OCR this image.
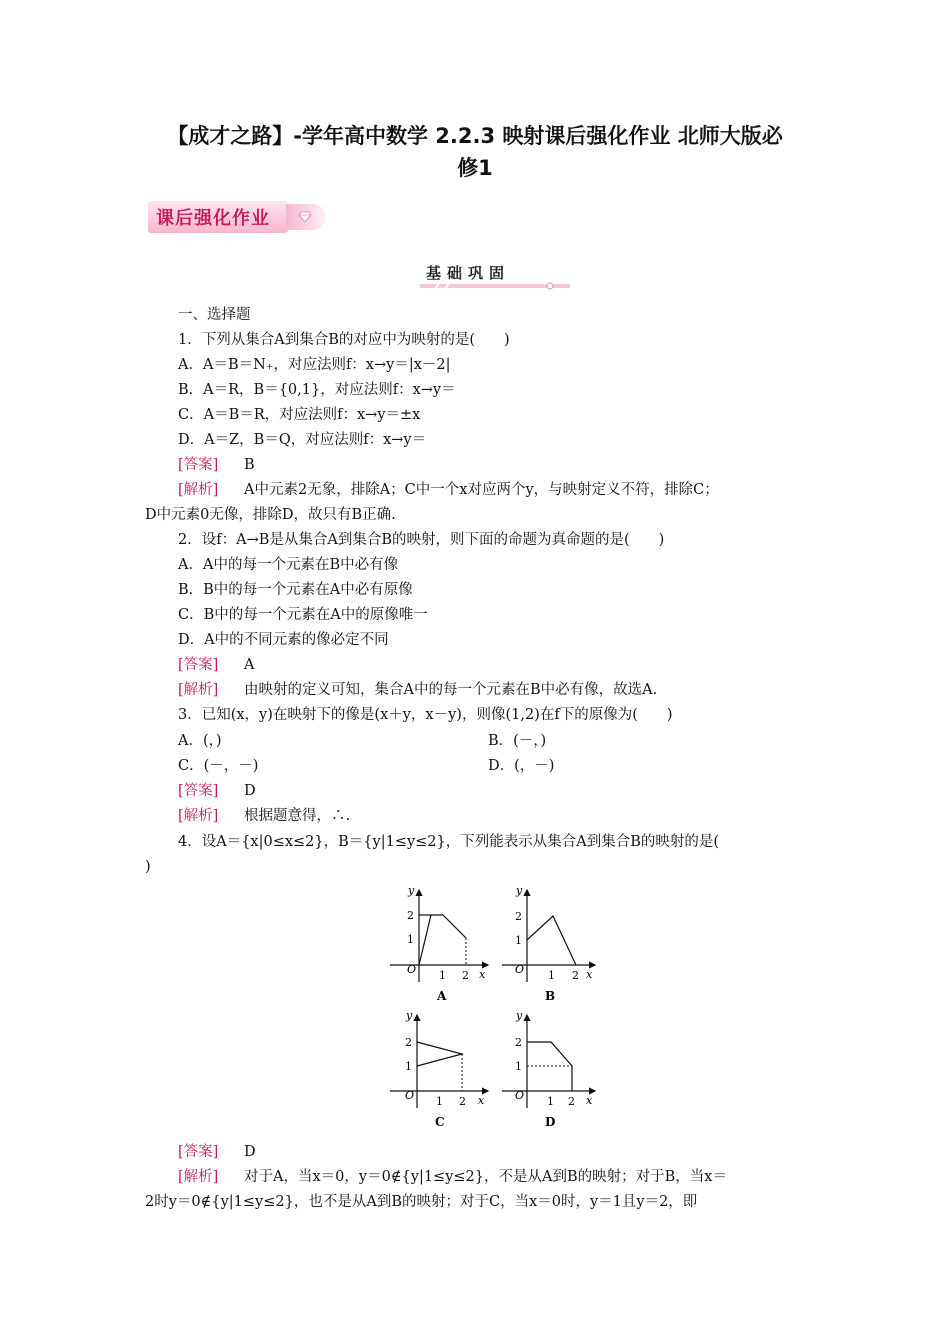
【成才之路】-学年高中数学 2.2.3 映射课后强化作业 北师大版必
修1
课后强化作业
基础巩固
一、选择题
1．下列从集合A到集合B的对应中为映射的是(　　)
A．A＝B＝N₊，对应法则f：x→y＝|x－2|
B．A＝R，B＝{0,1}，对应法则f：x→y＝
C．A＝B＝R，对应法则f：x→y＝±x
D．A＝Z，B＝Q，对应法则f：x→y＝
[答案] B
[解析] A中元素2无象，排除A；C中一个x对应两个y，与映射定义不符，排除C；
D中元素0无像，排除D，故只有B正确.
2．设f：A→B是从集合A到集合B的映射，则下面的命题为真命题的是(　　)
A．A中的每一个元素在B中必有像
B．B中的每一个元素在A中必有原像
C．B中的每一个元素在A中的原像唯一
D．A中的不同元素的像必定不同
[答案] A
[解析] 由映射的定义可知，集合A中的每一个元素在B中必有像，故选A.
3．已知(x，y)在映射下的像是(x＋y，x－y)，则像(1,2)在f下的原像为(　　)
A．(，)	B．(－，)
C．(－，－)	D．(，－)
[答案] D
[解析] 根据题意得，∴.
4．设A＝{x|0≤x≤2}，B＝{y|1≤y≤2}，下列能表示从集合A到集合B的映射的是(
)
y
x
O
2
1
1 2
A
y
x
O
2
1
1 2
B
y
x
O
2
1
1 2
C
y
x
O
2
1
1 2
D
[答案] D
[解析] 对于A，当x＝0，y＝0∉{y|1≤y≤2}，不是从A到B的映射；对于B，当x＝
2时y＝0∉{y|1≤y≤2}，也不是从A到B的映射；对于C，当x＝0时，y＝1且y＝2，即
